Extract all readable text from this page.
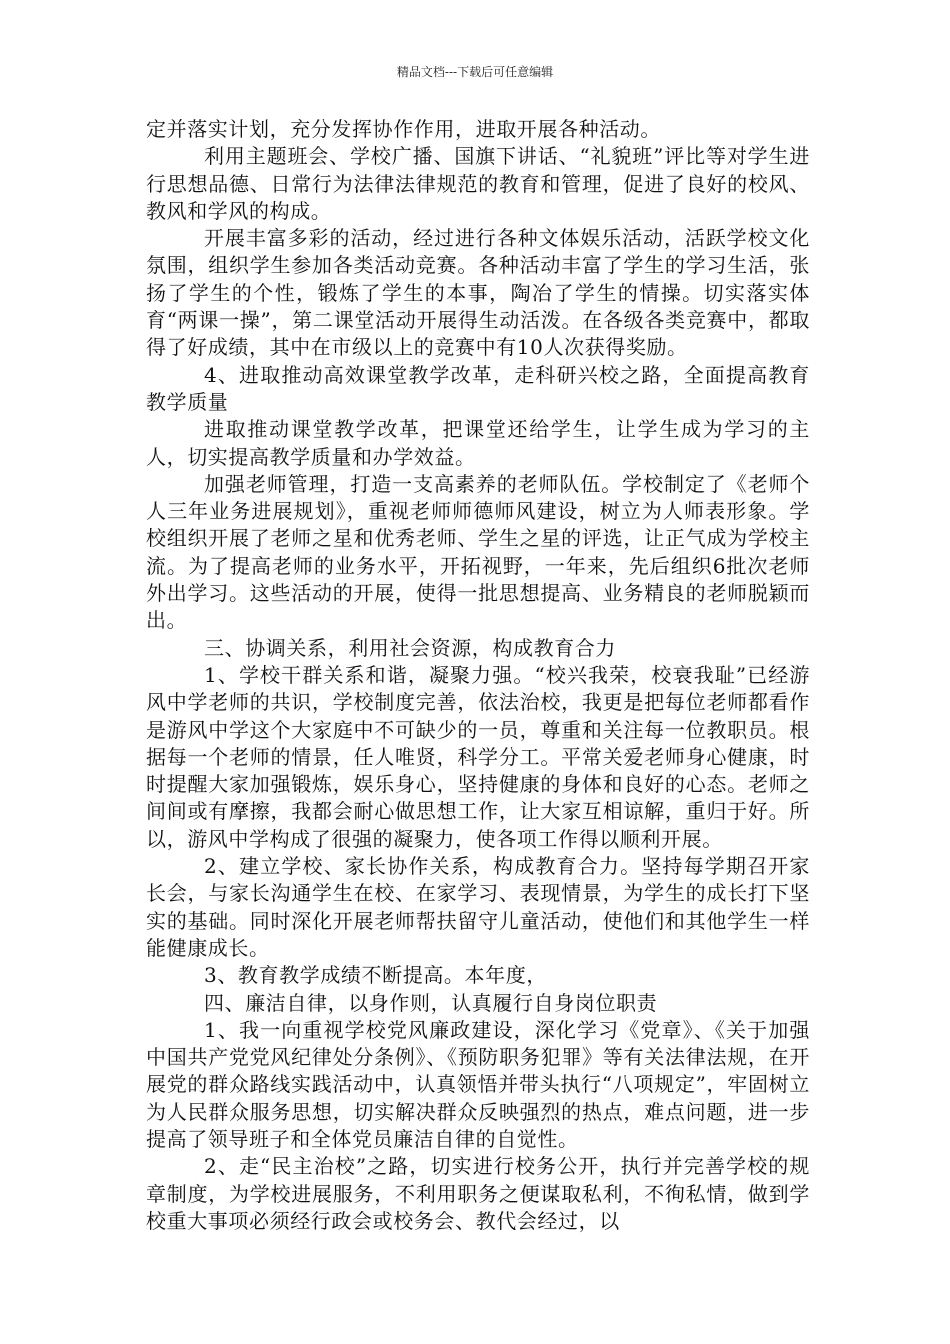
精品文档---下载后可任意编辑

定并落实计划，充分发挥协作作用，进取开展各种活动。

利用主题班会、学校广播、国旗下讲话、“礼貌班”评比等对学生进行思想品德、日常行为法律法律规范的教育和管理，促进了良好的校风、教风和学风的构成。

开展丰富多彩的活动，经过进行各种文体娱乐活动，活跃学校文化氛围，组织学生参加各类活动竞赛。各种活动丰富了学生的学习生活，张扬了学生的个性，锻炼了学生的本事，陶冶了学生的情操。切实落实体育“两课一操”，第二课堂活动开展得生动活泼。在各级各类竞赛中，都取得了好成绩，其中在市级以上的竞赛中有10人次获得奖励。

4、进取推动高效课堂教学改革，走科研兴校之路，全面提高教育教学质量

进取推动课堂教学改革，把课堂还给学生，让学生成为学习的主人，切实提高教学质量和办学效益。

加强老师管理，打造一支高素养的老师队伍。学校制定了《老师个人三年业务进展规划》，重视老师师德师风建设，树立为人师表形象。学校组织开展了老师之星和优秀老师、学生之星的评选，让正气成为学校主流。为了提高老师的业务水平，开拓视野，一年来，先后组织6批次老师外出学习。这些活动的开展，使得一批思想提高、业务精良的老师脱颖而出。

三、协调关系，利用社会资源，构成教育合力

1、学校干群关系和谐，凝聚力强。“校兴我荣，校衰我耻”已经游风中学老师的共识，学校制度完善，依法治校，我更是把每位老师都看作是游风中学这个大家庭中不可缺少的一员，尊重和关注每一位教职员。根据每一个老师的情景，任人唯贤，科学分工。平常关爱老师身心健康，时时提醒大家加强锻炼，娱乐身心，坚持健康的身体和良好的心态。老师之间间或有摩擦，我都会耐心做思想工作，让大家互相谅解，重归于好。所以，游风中学构成了很强的凝聚力，使各项工作得以顺利开展。

2、建立学校、家长协作关系，构成教育合力。坚持每学期召开家长会，与家长沟通学生在校、在家学习、表现情景，为学生的成长打下坚实的基础。同时深化开展老师帮扶留守儿童活动，使他们和其他学生一样能健康成长。

3、教育教学成绩不断提高。本年度，

四、廉洁自律，以身作则，认真履行自身岗位职责

1、我一向重视学校党风廉政建设，深化学习《党章》、《关于加强中国共产党党风纪律处分条例》、《预防职务犯罪》等有关法律法规，在开展党的群众路线实践活动中，认真领悟并带头执行“八项规定”，牢固树立为人民群众服务思想，切实解决群众反映强烈的热点，难点问题，进一步提高了领导班子和全体党员廉洁自律的自觉性。

2、走“民主治校”之路，切实进行校务公开，执行并完善学校的规章制度，为学校进展服务，不利用职务之便谋取私利，不徇私情，做到学校重大事项必须经行政会或校务会、教代会经过，以
